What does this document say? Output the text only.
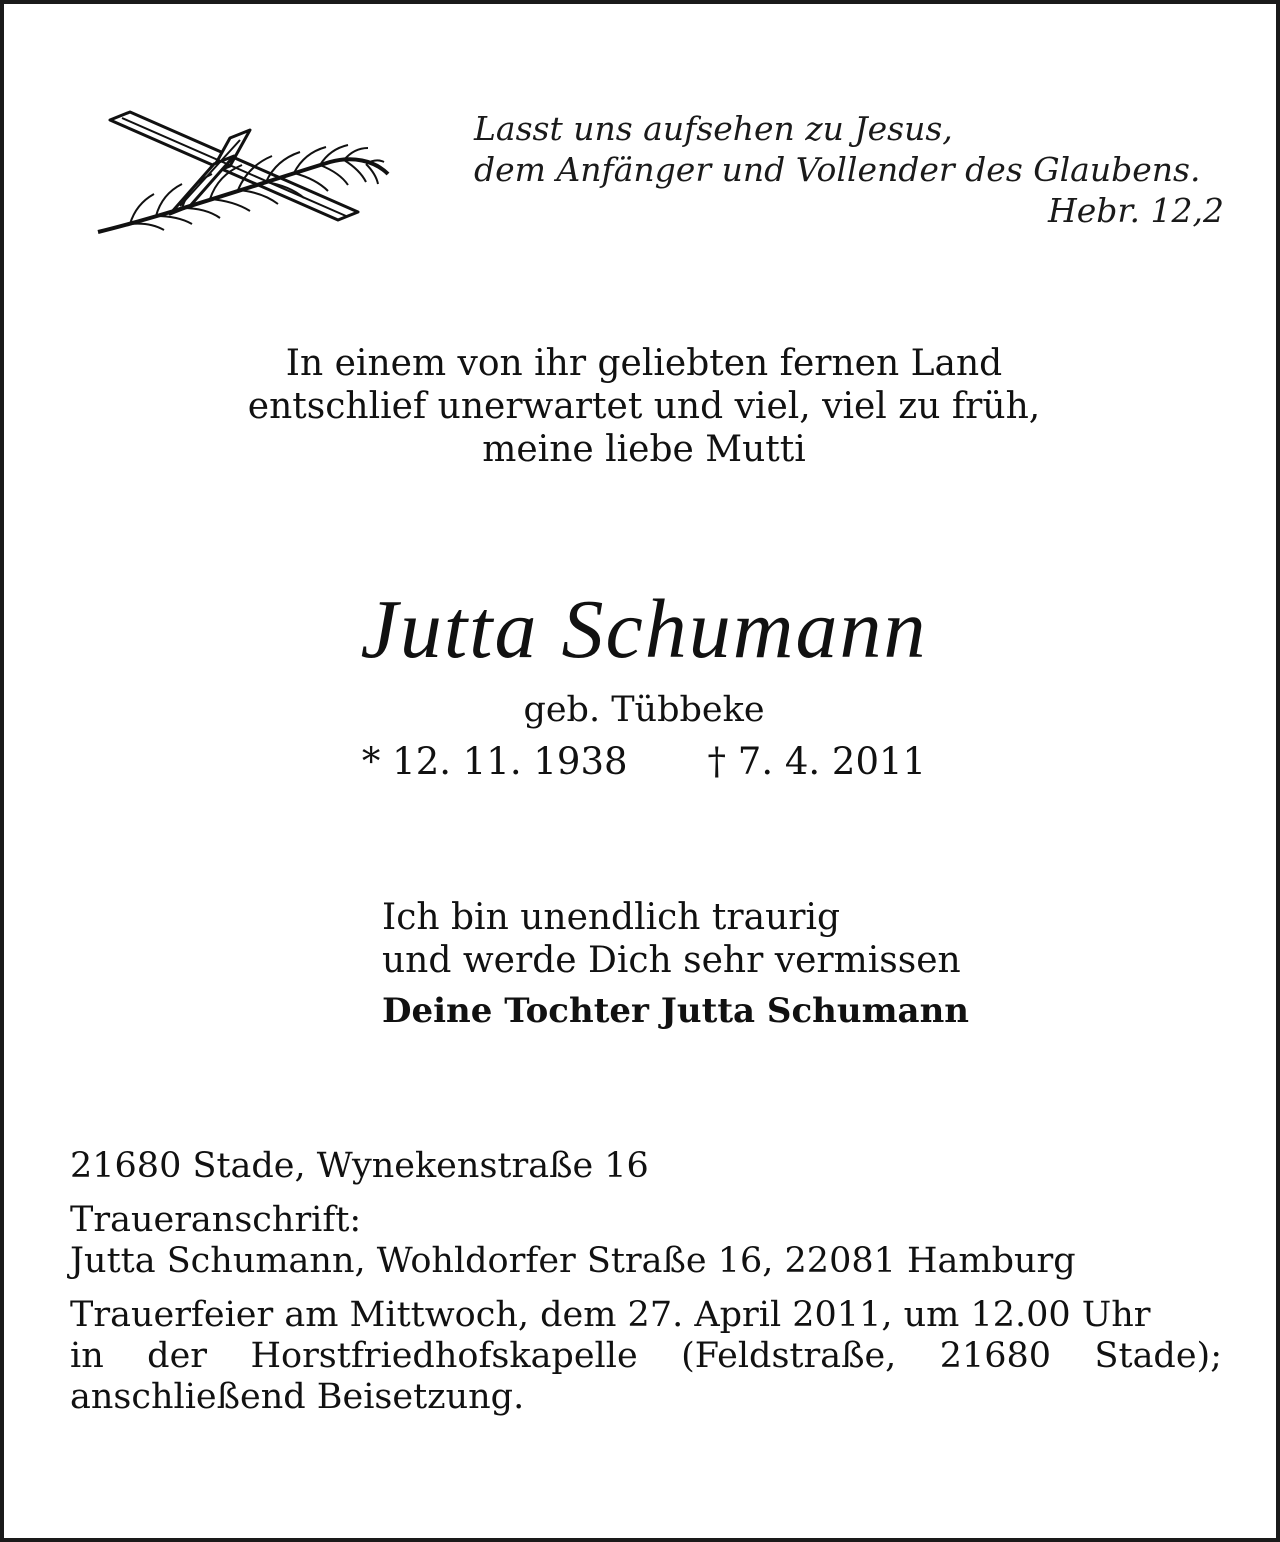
Lasst uns aufsehen zu Jesus,
dem Anfänger und Vollender des Glaubens.
Hebr. 12,2
In einem von ihr geliebten fernen Land
entschlief unerwartet und viel, viel zu früh,
meine liebe Mutti
Jutta Schumann
geb. Tübbeke
* 12. 11. 1938 † 7. 4. 2011
Ich bin unendlich traurig
und werde Dich sehr vermissen
Deine Tochter Jutta Schumann

21680 Stade, Wynekenstraße 16

Traueranschrift:
Jutta Schumann, Wohldorfer Straße 16, 22081 Hamburg

Trauerfeier am Mittwoch, dem 27. April 2011, um 12.00 Uhr
in der Horstfriedhofskapelle (Feldstraße, 21680 Stade);
anschließend Beisetzung.
